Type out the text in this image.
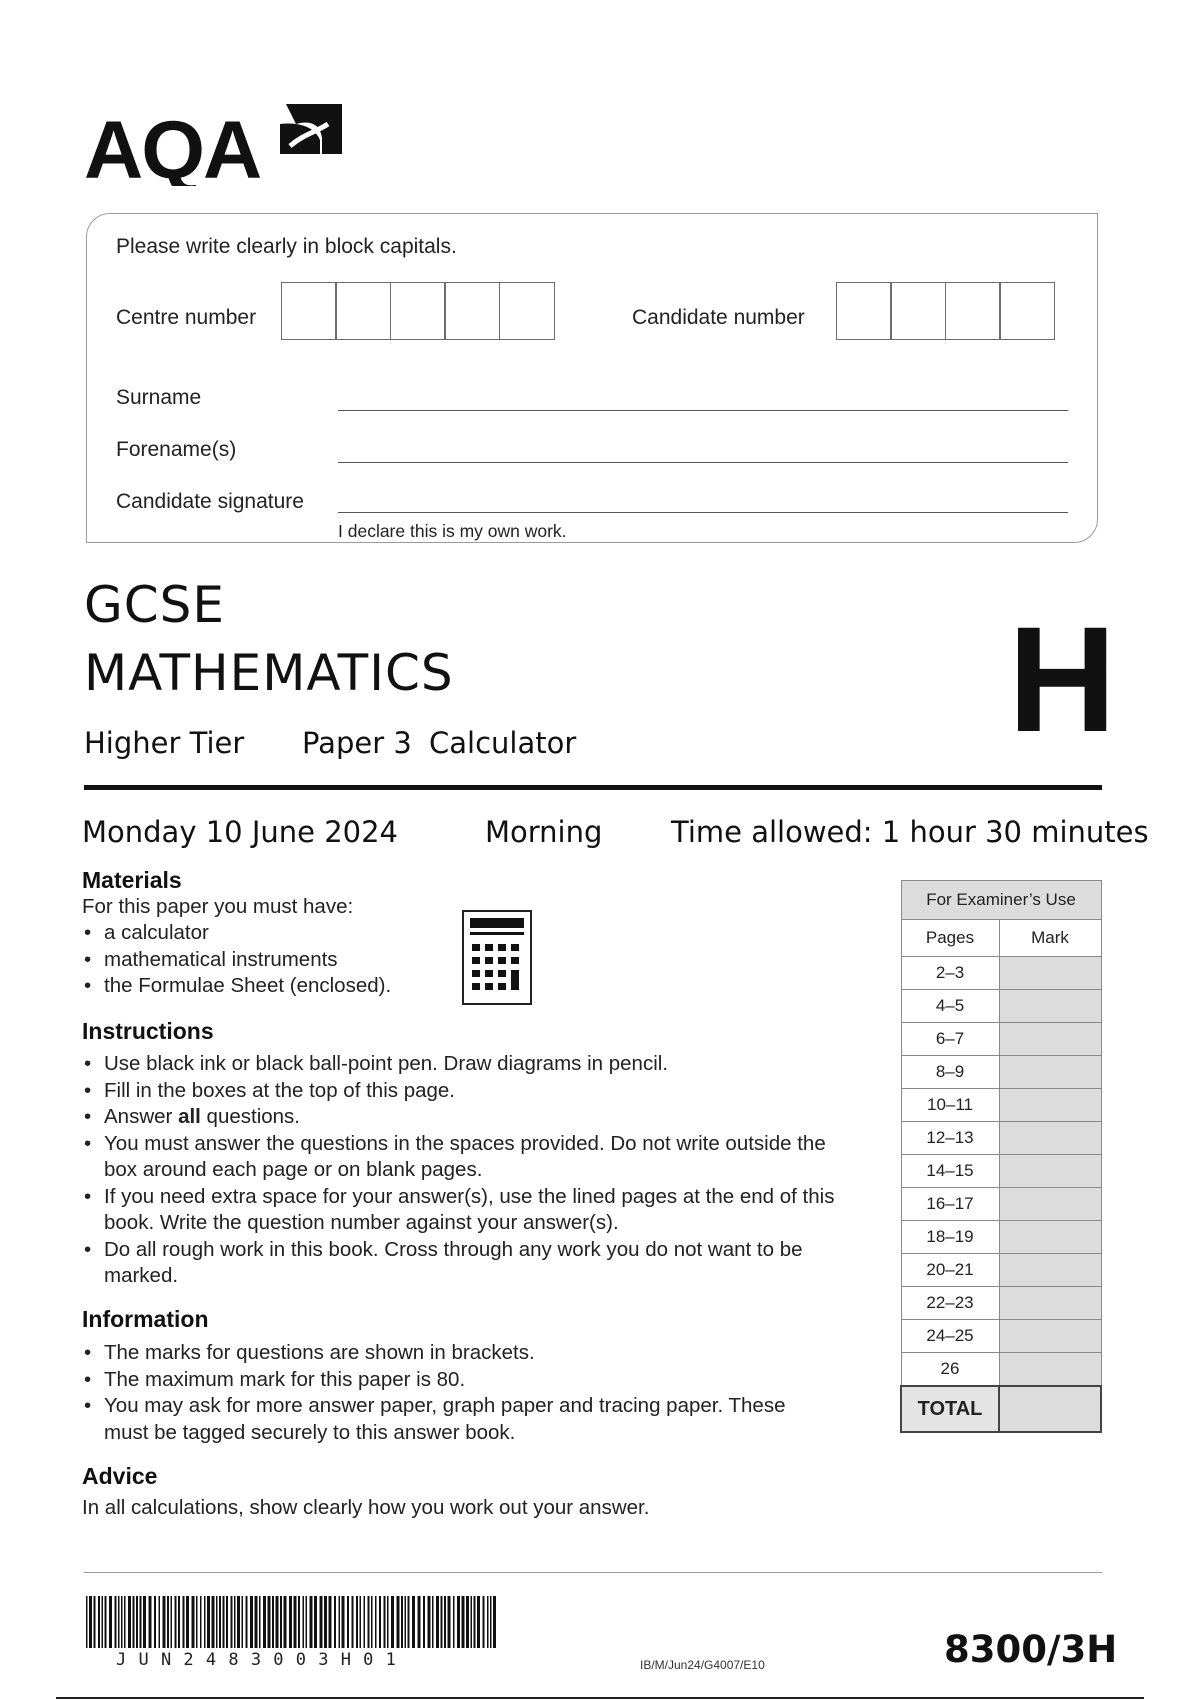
AQA
Please write clearly in block capitals.
Centre number	Candidate number
Surname
Forename(s)
Candidate signature
I declare this is my own work.
GCSE
MATHEMATICS
Higher Tier Paper 3 Calculator	H
Monday 10 June 2024	Morning Time allowed: 1 hour 30 minutes
Materials
For this paper you must have:
• a calculator
• mathematical instruments
• the Formulae Sheet (enclosed).
Instructions
• Use black ink or black ball-point pen. Draw diagrams in pencil.
• Fill in the boxes at the top of this page.
• Answer all questions.
• You must answer the questions in the spaces provided. Do not write outside the box around each page or on blank pages.
• If you need extra space for your answer(s), use the lined pages at the end of this book. Write the question number against your answer(s).
• Do all rough work in this book. Cross through any work you do not want to be marked.
Information
• The marks for questions are shown in brackets.
• The maximum mark for this paper is 80.
• You may ask for more answer paper, graph paper and tracing paper. These must be tagged securely to this answer book.
Advice
In all calculations, show clearly how you work out your answer.
For Examiner’s Use	
Pages	Mark
2–3	
4–5	
6–7	
8–9	
10–11	
12–13	
14–15	
16–17	
18–19	
20–21	
22–23	
24–25	
26	
TOTAL	
J U N 2 4 8 3 0 0 3 H 0 1	IB/M/Jun24/G4007/E10	8300/3H
